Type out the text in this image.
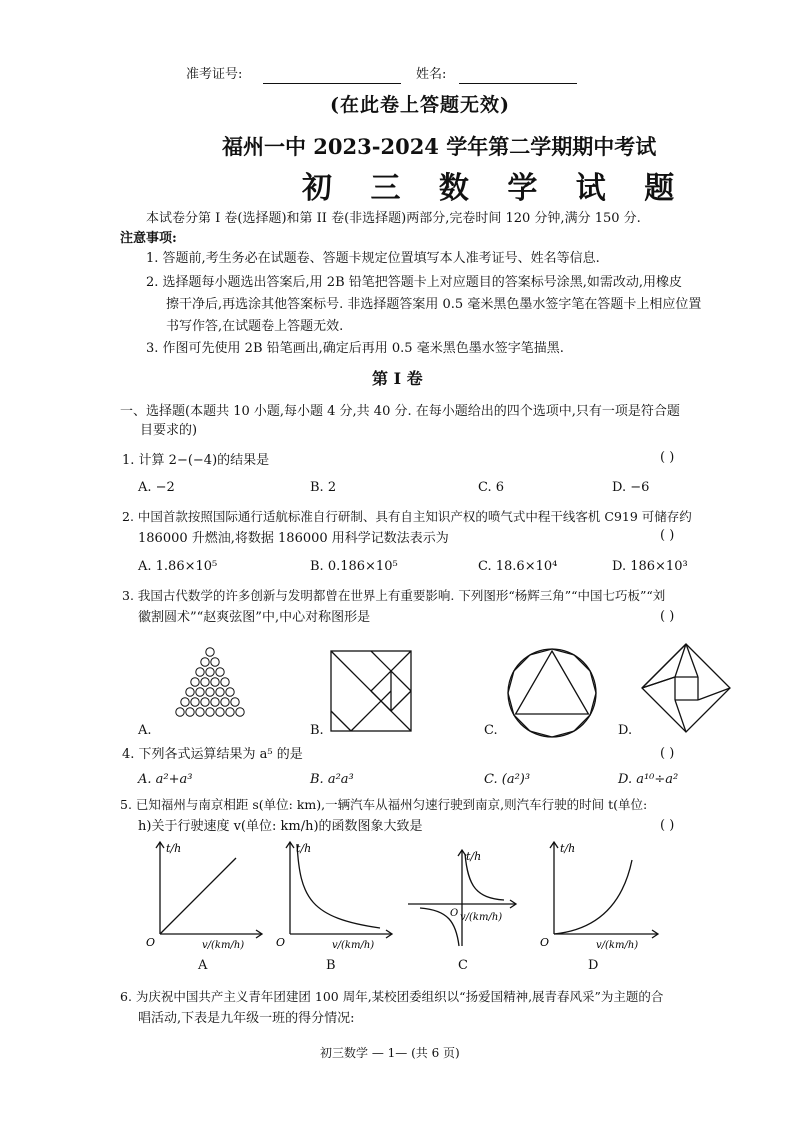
准考证号:	姓名:
(在此卷上答题无效)
福州一中 2023-2024 学年第二学期期中考试
初 三 数 学 试 题
本试卷分第 I 卷(选择题)和第 II 卷(非选择题)两部分,完卷时间 120 分钟,满分 150 分.
注意事项:
1. 答题前,考生务必在试题卷、答题卡规定位置填写本人准考证号、姓名等信息.
2. 选择题每小题选出答案后,用 2B 铅笔把答题卡上对应题目的答案标号涂黑,如需改动,用橡皮
擦干净后,再选涂其他答案标号. 非选择题答案用 0.5 毫米黑色墨水签字笔在答题卡上相应位置
书写作答,在试题卷上答题无效.
3. 作图可先使用 2B 铅笔画出,确定后再用 0.5 毫米黑色墨水签字笔描黑.
第 I 卷
一、选择题(本题共 10 小题,每小题 4 分,共 40 分. 在每小题给出的四个选项中,只有一项是符合题
目要求的)
1. 计算 2−(−4)的结果是	( )
A. −2	B. 2	C. 6	D. −6
2. 中国首款按照国际通行适航标准自行研制、具有自主知识产权的喷气式中程干线客机 C919 可储存约
186000 升燃油,将数据 186000 用科学记数法表示为	( )
A. 1.86×10⁵	B. 0.186×10⁵	C. 18.6×10⁴	D. 186×10³
3. 我国古代数学的许多创新与发明都曾在世界上有重要影响. 下列图形“杨辉三角”“中国七巧板”“刘
徽割圆术”“赵爽弦图”中,中心对称图形是	( )
A.	B.	C.	D.
4. 下列各式运算结果为 a⁵ 的是	( )
A. a²+a³	B. a²a³	C. (a²)³	D. a¹⁰÷a²
5. 已知福州与南京相距 s(单位: km),一辆汽车从福州匀速行驶到南京,则汽车行驶的时间 t(单位:
h)关于行驶速度 v(单位: km/h)的函数图象大致是	( )
t/h
O	v/(km/h)
A
t/h
O	v/(km/h)
B
t/h
O v/(km/h)
C
t/h
O	v/(km/h)
D
6. 为庆祝中国共产主义青年团建团 100 周年,某校团委组织以“扬爱国精神,展青春风采”为主题的合
唱活动,下表是九年级一班的得分情况:
初三数学 — 1— (共 6 页)
